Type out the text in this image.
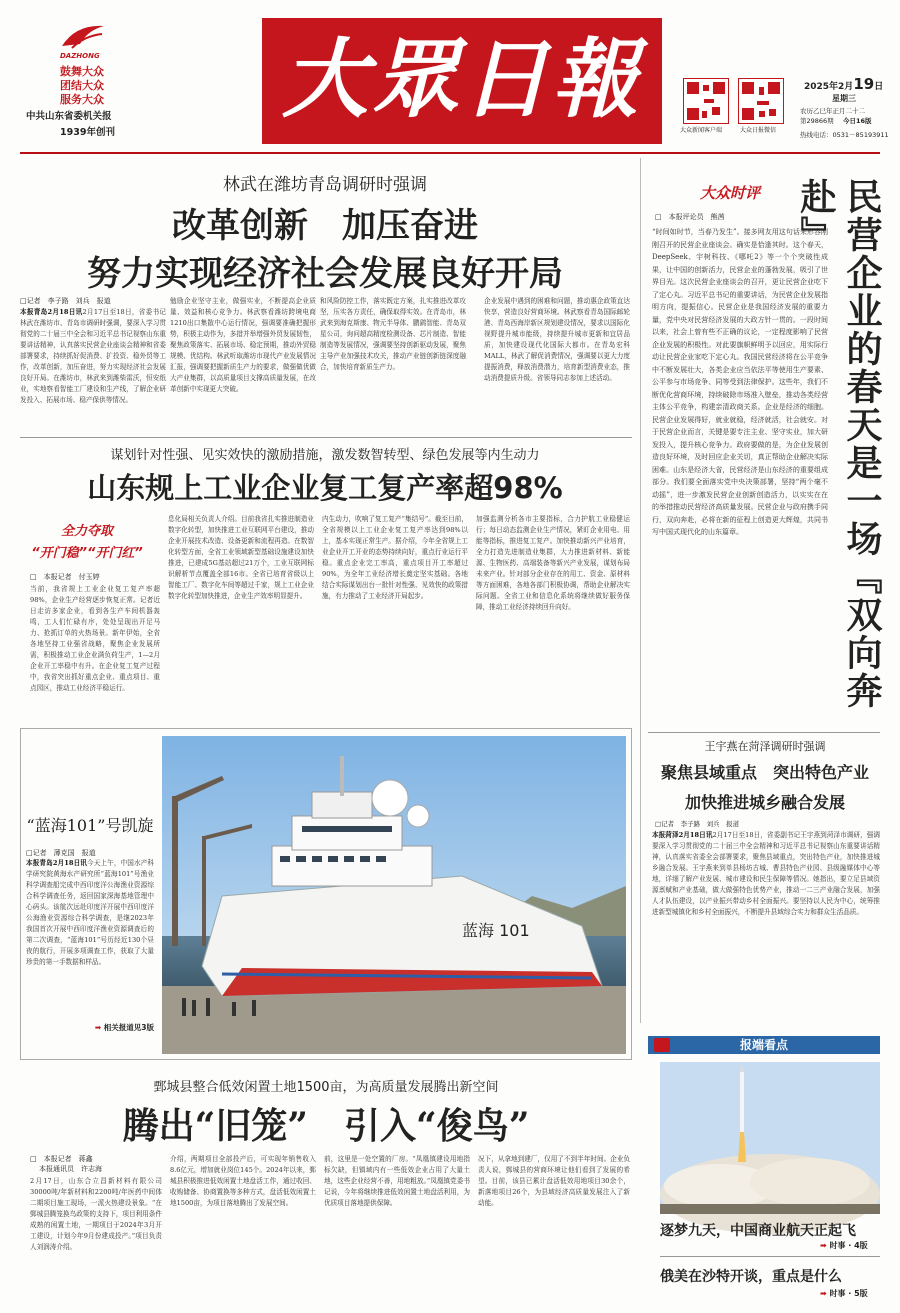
DAZHONG
鼓舞大众
团结大众
服务大众
中共山东省委机关报
1939年创刊
大眾日報
大众新闻客户端	大众日报微信
2025年2月19日
星期三
农历乙巳年正月二十二
第29866期 今日16版
热线电话：0531－85193911
林武在潍坊青岛调研时强调
改革创新　加压奋进
努力实现经济社会发展良好开局
□记者　李子路　刘兵　报道
本报青岛2月18日讯2月17日至18日，省委书记林武在潍坊市、青岛市调研时强调，要深入学习贯彻党的二十届三中全会和习近平总书记视察山东重要讲话精神，认真落实民营企业座谈会精神和省委部署要求，持续抓好促消费、扩投资、稳外贸等工作，改革创新，加压奋进，努力实现经济社会发展良好开局。在潍坊市，林武来到潍柴雷沃，恒安纸业，实地察看智能工厂建设和生产线，了解企业研发投入、拓展市场、稳产保供等情况。
勉励企业坚守主业，做强实业，不断提高企业质量、效益和核心竞争力。林武察看潍坊跨境电商1210出口集散中心运行情况，强调要准确把握形势，积极主动作为，多措并举增强外贸发展韧性，聚焦政策落实、拓展市场、稳定预期，推动外贸稳规模、优结构。林武听取潍坊市现代产业发展情况汇报，强调要把握新质生产力的要求，做强做优做大产业集群，以高质量项目支撑高质量发展，在改革创新中实现更大突破。
和风险防控工作，落实既定方案，扎实推进改革攻坚，压实各方责任，确保取得实效。在青岛市，林武来到海克斯康、物元半导体、鹏鹞智能、青岛双星公司，询问超高精度检测设备、芯片制造、智能制造等发展情况，强调要坚持创新驱动发展，聚焦主导产业加强技术攻关，推动产业链创新链深度融合，加快培育新质生产力。
企业发展中遇到的困难和问题，推动惠企政策直达快享，营造良好营商环境。林武察看青岛国际邮轮港、青岛西海岸新区规划建设情况，要求以国际化视野提升城市能级，持续提升城市更新和宜居品质，加快建设现代化国际大都市。在青岛宏科MALL，林武了解促消费情况，强调要以更大力度提振消费，释放消费潜力，培育新型消费业态，推动消费提质升级。省领导同志参加上述活动。
大众时评
□　本报评论员　熊茜
“时间如时节，当春乃发生”。接多网友用这句话来形容刚刚召开的民营企业座谈会。确实是恰逢其时。这个春天，DeepSeek、宇树科技、《哪吒2》等一个个突破性成果，让中国的创新活力，民营企业的蓬勃发展，吸引了世界目光。这次民营企业座谈会的召开，更让民营企业吃下了定心丸。习近平总书记的重要讲话，为民营企业发展指明方向，提振信心。民营企业是我国经济发展的重要力量，党中央对民营经济发展的大政方针一贯的。一段时间以来，社会上曾有些不正确的议论，一定程度影响了民营企业发展的积极性。对此要旗帜鲜明予以回应，用实际行动让民营企业家吃下定心丸。我国民营经济将在公平竞争中不断发展壮大，各类企业应当依法平等使用生产要素、公平参与市场竞争、同等受到法律保护。这些年，我们不断优化营商环境，持续破除市场准入壁垒，推动各类经营主体公平竞争，构建亲清政商关系。企业是经济的细胞。民营企业发展得好，就业就稳，经济就活，社会就安。对于民营企业而言，关键是要专注主业、坚守实业，加大研发投入，提升核心竞争力。政府要做的是，为企业发展创造良好环境，及时回应企业关切，真正帮助企业解决实际困难。山东是经济大省，民营经济是山东经济的重要组成部分。我们要全面落实党中央决策部署，坚持“两个毫不动摇”，进一步激发民营企业创新创造活力，以实实在在的举措推动民营经济高质量发展。民营企业与政府携手同行，双向奔赴，必将在新的征程上创造更大辉煌，共同书写中国式现代化的山东篇章。	民营企业的春天是一场『双向奔赴』
谋划针对性强、见实效快的激励措施，激发数智转型、绿色发展等内生动力
山东规上工业企业复工复产率超98%
全力夺取
“开门稳”“开门红”
□　本报记者　付玉婷
当前，我省规上工业企业复工复产率超98%，企业生产经营逐步恢复正常。记者近日走访多家企业，看到各生产车间机器轰鸣，工人们忙碌有序，处处呈现出开足马力、抢抓订单的火热场景。新年伊始，全省各地坚持工业强省战略，聚焦企业发展所需，积极推动工业企业满负荷生产，1—2月企业开工率稳中有升。在企业复工复产过程中，我省突出抓好重点企业、重点项目、重点园区，推动工业经济平稳运行。
息化局相关负责人介绍。目前我省扎实推进制造业数字化转型，加快推进工业互联网平台建设，推动企业开展技术改造、设备更新和流程再造。在数智化转型方面，全省工业领域新型基础设施建设加快推进，已建成5G基站超过21万个，工业互联网标识解析节点覆盖全部16市。全省已培育省级以上智能工厂、数字化车间等超过千家，规上工业企业数字化转型加快推进，企业生产效率明显提升。
内生动力，吹响了复工复产“集结号”。截至目前，全省规模以上工业企业复工复产率达到98%以上，基本实现正常生产。据介绍，今年全省规上工业企业开工开业的态势持续向好，重点行业运行平稳。重点企业完工率高，重点项目开工率超过90%，为全年工业经济增长奠定坚实基础。各地结合实际谋划出台一批针对性强、见效快的政策措施，有力推动了工业经济开局起步。
加强监测分析各市主要指标，合力护航工业稳健运行；每日动态监测企业生产情况，紧盯企业用电、用能等指标，推进复工复产。加快推动新兴产业培育，全力打造先进制造业集群，大力推进新材料、新能源、生物医药、高端装备等新兴产业发展，谋划布局未来产业。针对部分企业存在的用工、资金、原材料等方面困难，各地各部门积极协调，帮助企业解决实际问题。全省工业和信息化系统将继续做好服务保障，推动工业经济持续回升向好。
“蓝海101”号凯旋
□记者　薄克国　报道
本报青岛2月18日讯今天上午，中国水产科学研究院黄海水产研究所“蓝海101”号渔业科学调查船完成中西印度洋公海渔业资源综合科学调查任务，返回国家深海基地管理中心码头。该航次远赴印度洋开展中西印度洋公海渔业资源综合科学调查，是继2023年我国首次开展中西印度洋渔业资源调查后的第二次调查，“蓝海101”号历经近130个昼夜的航行，开展多项调查工作，获取了大量珍贵的第一手数据和样品。
➡ 相关报道见3版
蓝海 101
王宇燕在菏泽调研时强调
聚焦县域重点　突出特色产业
加快推进城乡融合发展
□记者　李子路　刘兵　报道
本报菏泽2月18日讯2月17日至18日，省委副书记王宇燕到菏泽市调研，强调要深入学习贯彻党的二十届三中全会精神和习近平总书记视察山东重要讲话精神，认真落实省委全会部署要求，聚焦县域重点，突出特色产业，加快推进城乡融合发展。王宇燕来到单县杨坊古城、曹县特色产业园、县级融媒体中心等地，详细了解产业发展、城市建设和民生保障等情况。她指出，要立足县域资源禀赋和产业基础，做大做强特色优势产业，推动一二三产业融合发展，加强人才队伍建设，以产业振兴带动乡村全面振兴。要坚持以人民为中心，统筹推进新型城镇化和乡村全面振兴，不断提升县域综合实力和群众生活品质。
报端看点
逐梦九天，中国商业航天正起飞
➡ 时事 · 4版
俄美在沙特开谈，重点是什么
➡ 时事 · 5版
鄄城县整合低效闲置土地1500亩，为高质量发展腾出新空间
腾出“旧笼”　引入“俊鸟”
□　本报记者　蒋鑫
本报通讯员　许志海
2月17日，山东合立昌新材料有限公司30000吨/年新材料和2200吨/年医药中间体二期项目施工现场，一派火热建设景象。“在鄄城县腾笼换鸟政策的支持下，项目利用条件成熟的闲置土地，一期项目于2024年3月开工建设，计划今年9月份建成投产。”项目负责人刘润涛介绍。
介绍，两期项目全部投产后，可实现年销售收入8.6亿元，增加就业岗位145个。2024年以来，鄄城县积极推进低效闲置土地盘活工作，通过收回、收购储备、协商置换等多种方式，盘活低效闲置土地1500亩，为项目落地腾出了发展空间。
前，这里是一处空置的厂房。“凤凰镇建设用地指标欠缺，但镇域内有一些低效企业占用了大量土地，这些企业经营不善，用地粗放。”凤凰镇党委书记说，今年将继续推进低效闲置土地盘活利用，为优质项目落地提供保障。
况下，从拿地到建厂，仅用了不到半年时间。企业负责人说，鄄城县的营商环境让他们看到了发展的希望。目前，该县已累计盘活低效用地项目30余个，新落地项目26个，为县域经济高质量发展注入了新动能。
